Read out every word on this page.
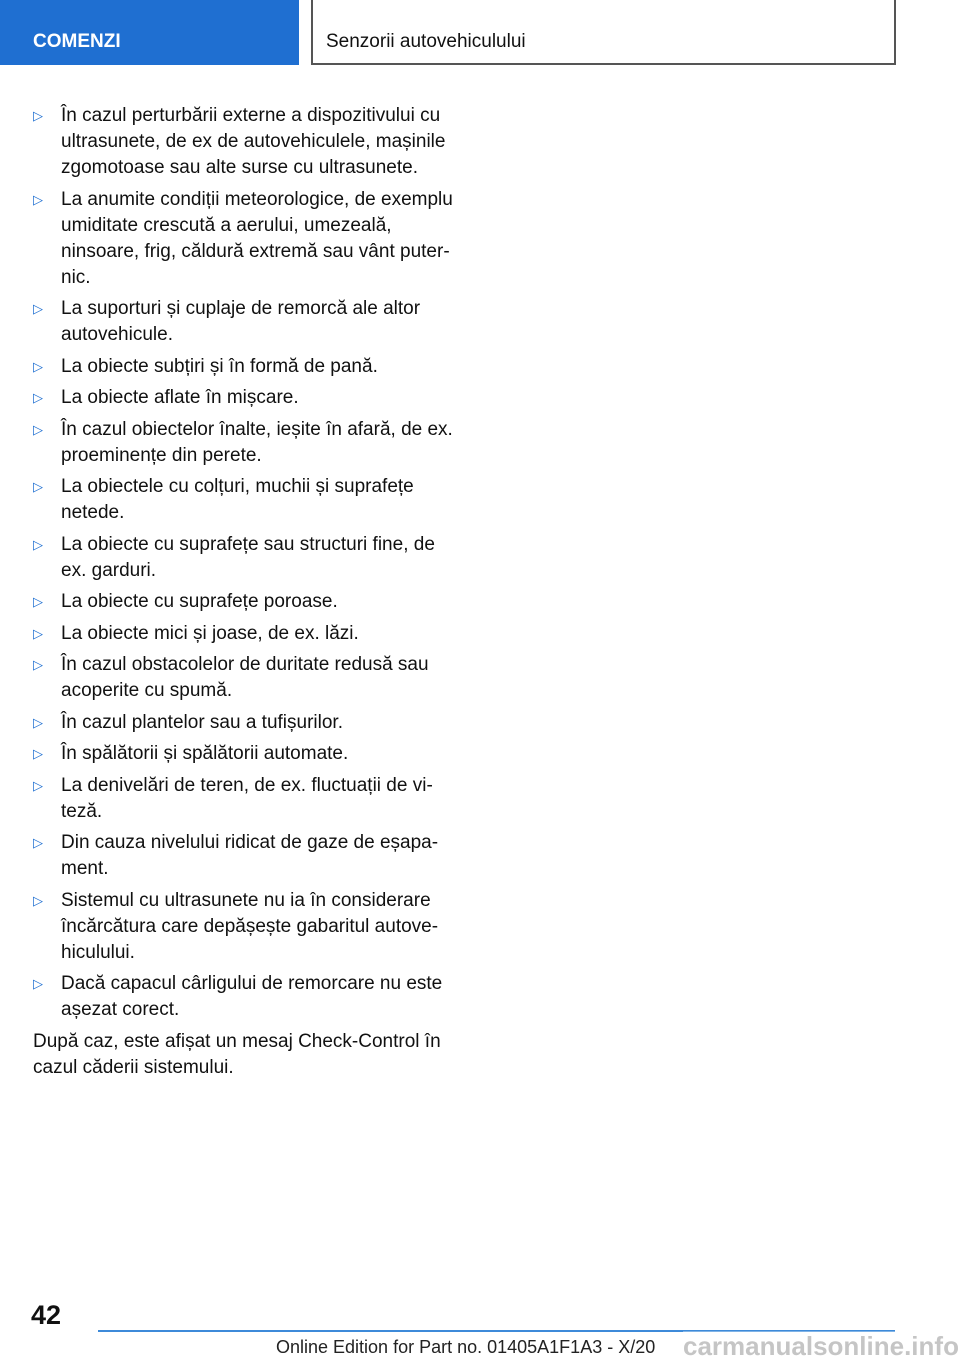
COMENZI	Senzorii autovehiculului
▷ În cazul perturbării externe a dispozitivului cu ultrasunete, de ex de autovehiculele, mașinile zgomotoase sau alte surse cu ultrasunete.
▷ La anumite condiții meteorologice, de exemplu umiditate crescută a aerului, umezeală, ninsoare, frig, căldură extremă sau vânt puternic.
▷ La suporturi și cuplaje de remorcă ale altor autovehicule.
▷ La obiecte subțiri și în formă de pană.
▷ La obiecte aflate în mișcare.
▷ În cazul obiectelor înalte, ieșite în afară, de ex. proeminențe din perete.
▷ La obiectele cu colțuri, muchii și suprafețe netede.
▷ La obiecte cu suprafețe sau structuri fine, de ex. garduri.
▷ La obiecte cu suprafețe poroase.
▷ La obiecte mici și joase, de ex. lăzi.
▷ În cazul obstacolelor de duritate redusă sau acoperite cu spumă.
▷ În cazul plantelor sau a tufișurilor.
▷ În spălătorii și spălătorii automate.
▷ La denivelări de teren, de ex. fluctuații de viteză.
▷ Din cauza nivelului ridicat de gaze de eșapament.
▷ Sistemul cu ultrasunete nu ia în considerare încărcătura care depășește gabaritul autovehiculului.
▷ Dacă capacul cârligului de remorcare nu este așezat corect.

După caz, este afișat un mesaj Check-Control în cazul căderii sistemului.

42
Online Edition for Part no. 01405A1F1A3 - X/20 carmanualsonline.info
